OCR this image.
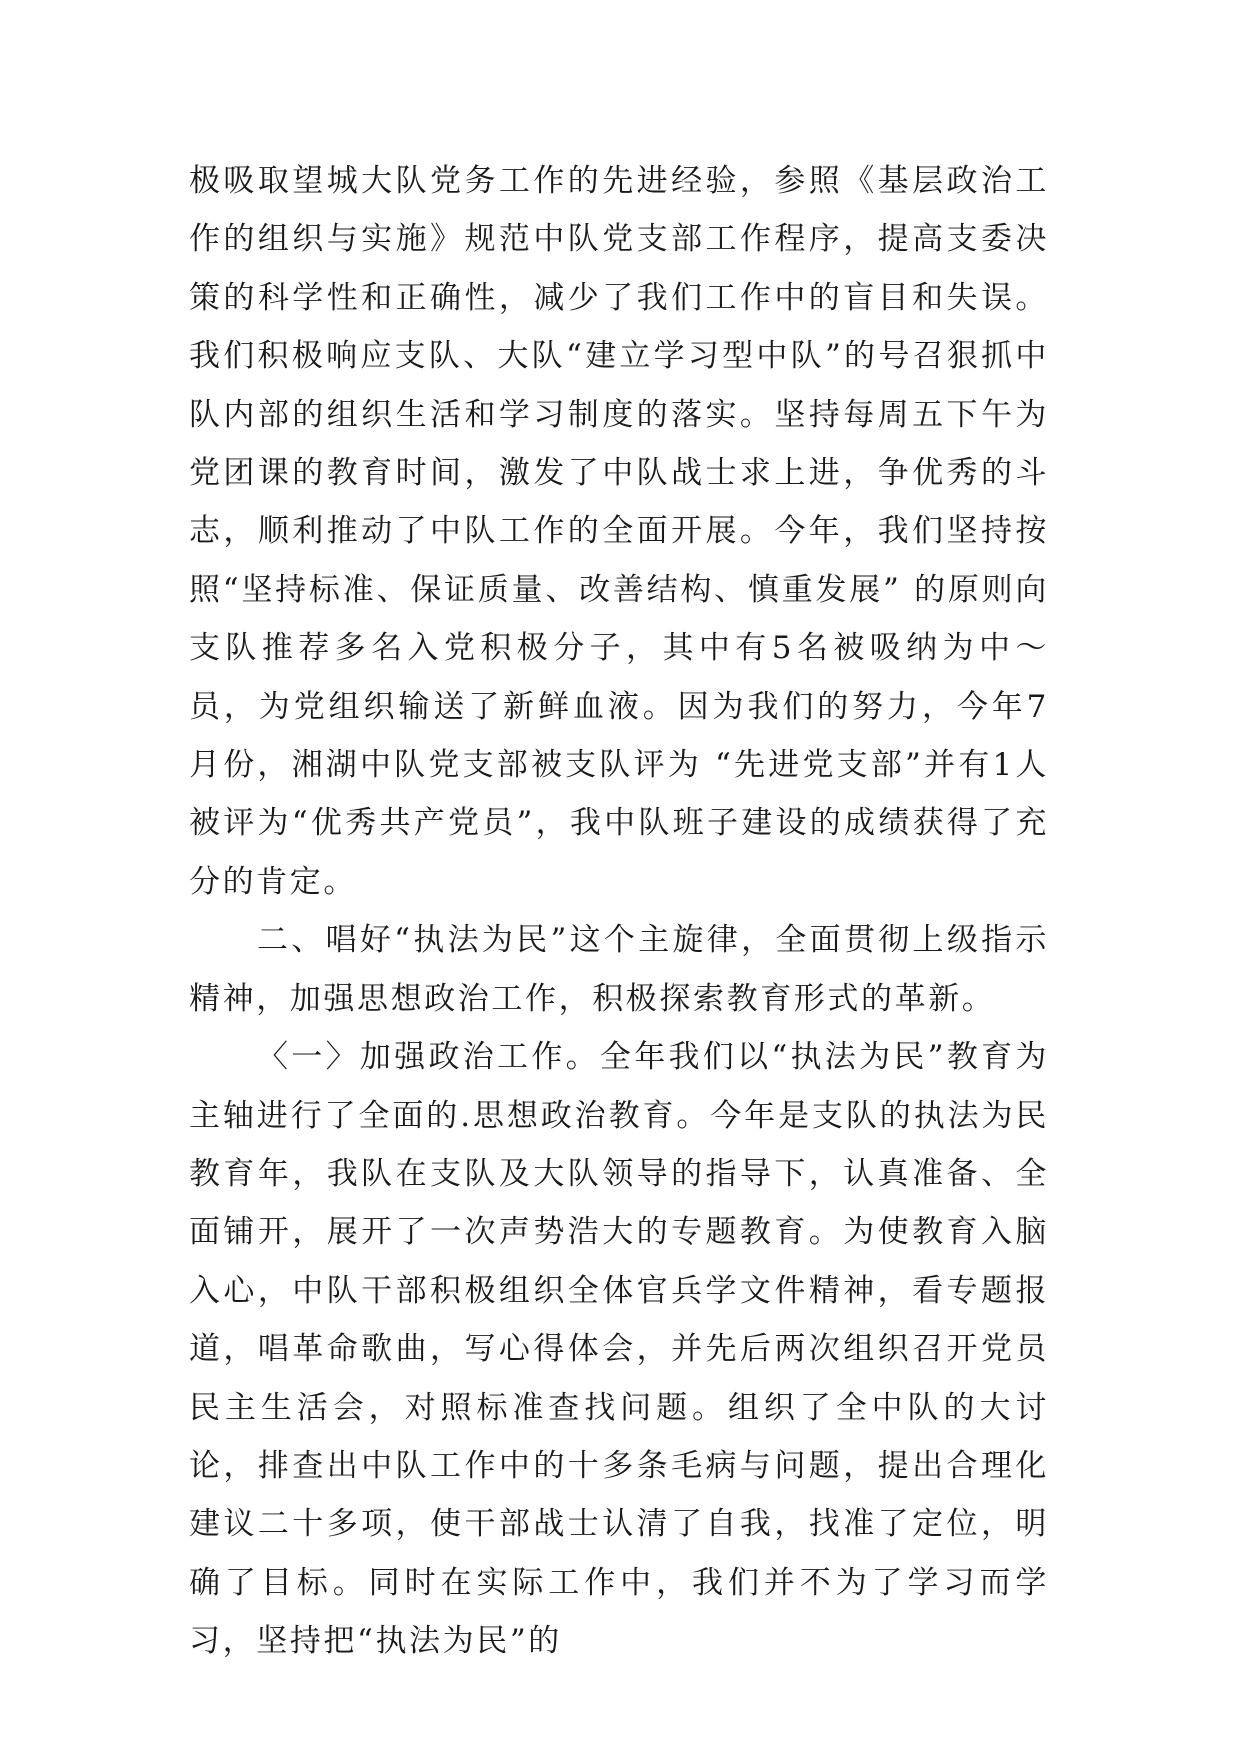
极吸取望城大队党务工作的先进经验，参照《基层政治工作的组织与实施》规范中队党支部工作程序，提高支委决策的科学性和正确性，减少了我们工作中的盲目和失误。我们积极响应支队、大队“建立学习型中队”的号召狠抓中队内部的组织生活和学习制度的落实。坚持每周五下午为党团课的教育时间，激发了中队战士求上进，争优秀的斗志，顺利推动了中队工作的全面开展。今年，我们坚持按照“坚持标准、保证质量、改善结构、慎重发展” 的原则向支队推荐多名入党积极分子，其中有5名被吸纳为中～员，为党组织输送了新鲜血液。因为我们的努力，今年7月份，湘湖中队党支部被支队评为 “先进党支部”并有1人被评为“优秀共产党员”，我中队班子建设的成绩获得了充分的肯定。

二、唱好“执法为民”这个主旋律，全面贯彻上级指示精神，加强思想政治工作，积极探索教育形式的革新。

〈一〉加强政治工作。全年我们以“执法为民”教育为主轴进行了全面的.思想政治教育。今年是支队的执法为民教育年，我队在支队及大队领导的指导下，认真准备、全面铺开，展开了一次声势浩大的专题教育。为使教育入脑入心，中队干部积极组织全体官兵学文件精神，看专题报道，唱革命歌曲，写心得体会，并先后两次组织召开党员民主生活会，对照标准查找问题。组织了全中队的大讨论，排查出中队工作中的十多条毛病与问题，提出合理化建议二十多项，使干部战士认清了自我，找准了定位，明确了目标。同时在实际工作中，我们并不为了学习而学习，坚持把“执法为民”的
